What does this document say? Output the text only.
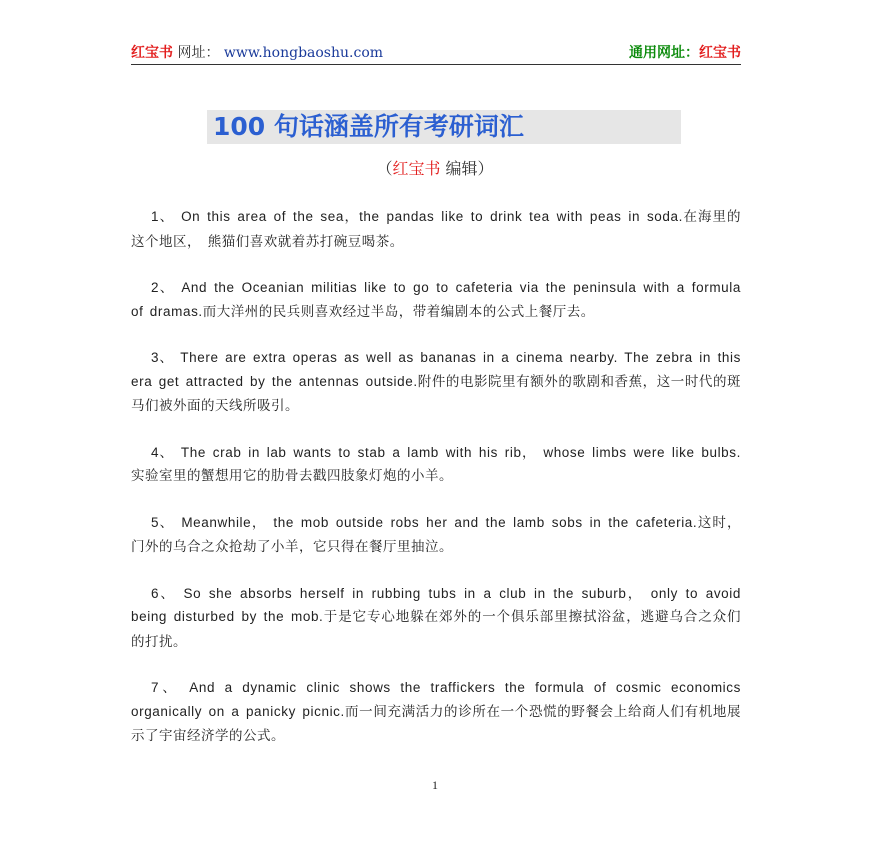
红宝书 网址： www.hongbaoshu.com	通用网址：红宝书
100 句话涵盖所有考研词汇
（红宝书 编辑）

1、 On this area of the sea，the pandas like to drink tea with peas in soda.在海里的这个地区， 熊猫们喜欢就着苏打碗豆喝茶。

2、 And the Oceanian militias like to go to cafeteria via the peninsula with a formula of dramas.而大洋州的民兵则喜欢经过半岛，带着编剧本的公式上餐厅去。

3、 There are extra operas as well as bananas in a cinema nearby. The zebra in this era get attracted by the antennas outside.附件的电影院里有额外的歌剧和香蕉，这一时代的斑马们被外面的天线所吸引。

4、 The crab in lab wants to stab a lamb with his rib， whose limbs were like bulbs.实验室里的蟹想用它的肋骨去戳四肢象灯炮的小羊。

5、 Meanwhile， the mob outside robs her and the lamb sobs in the cafeteria.这时，门外的乌合之众抢劫了小羊，它只得在餐厅里抽泣。

6、 So she absorbs herself in rubbing tubs in a club in the suburb， only to avoid being disturbed by the mob.于是它专心地躲在郊外的一个俱乐部里擦拭浴盆，逃避乌合之众们的打扰。

7、 And a dynamic clinic shows the traffickers the formula of cosmic economics organically on a panicky picnic.而一间充满活力的诊所在一个恐慌的野餐会上给商人们有机地展示了宇宙经济学的公式。

1
